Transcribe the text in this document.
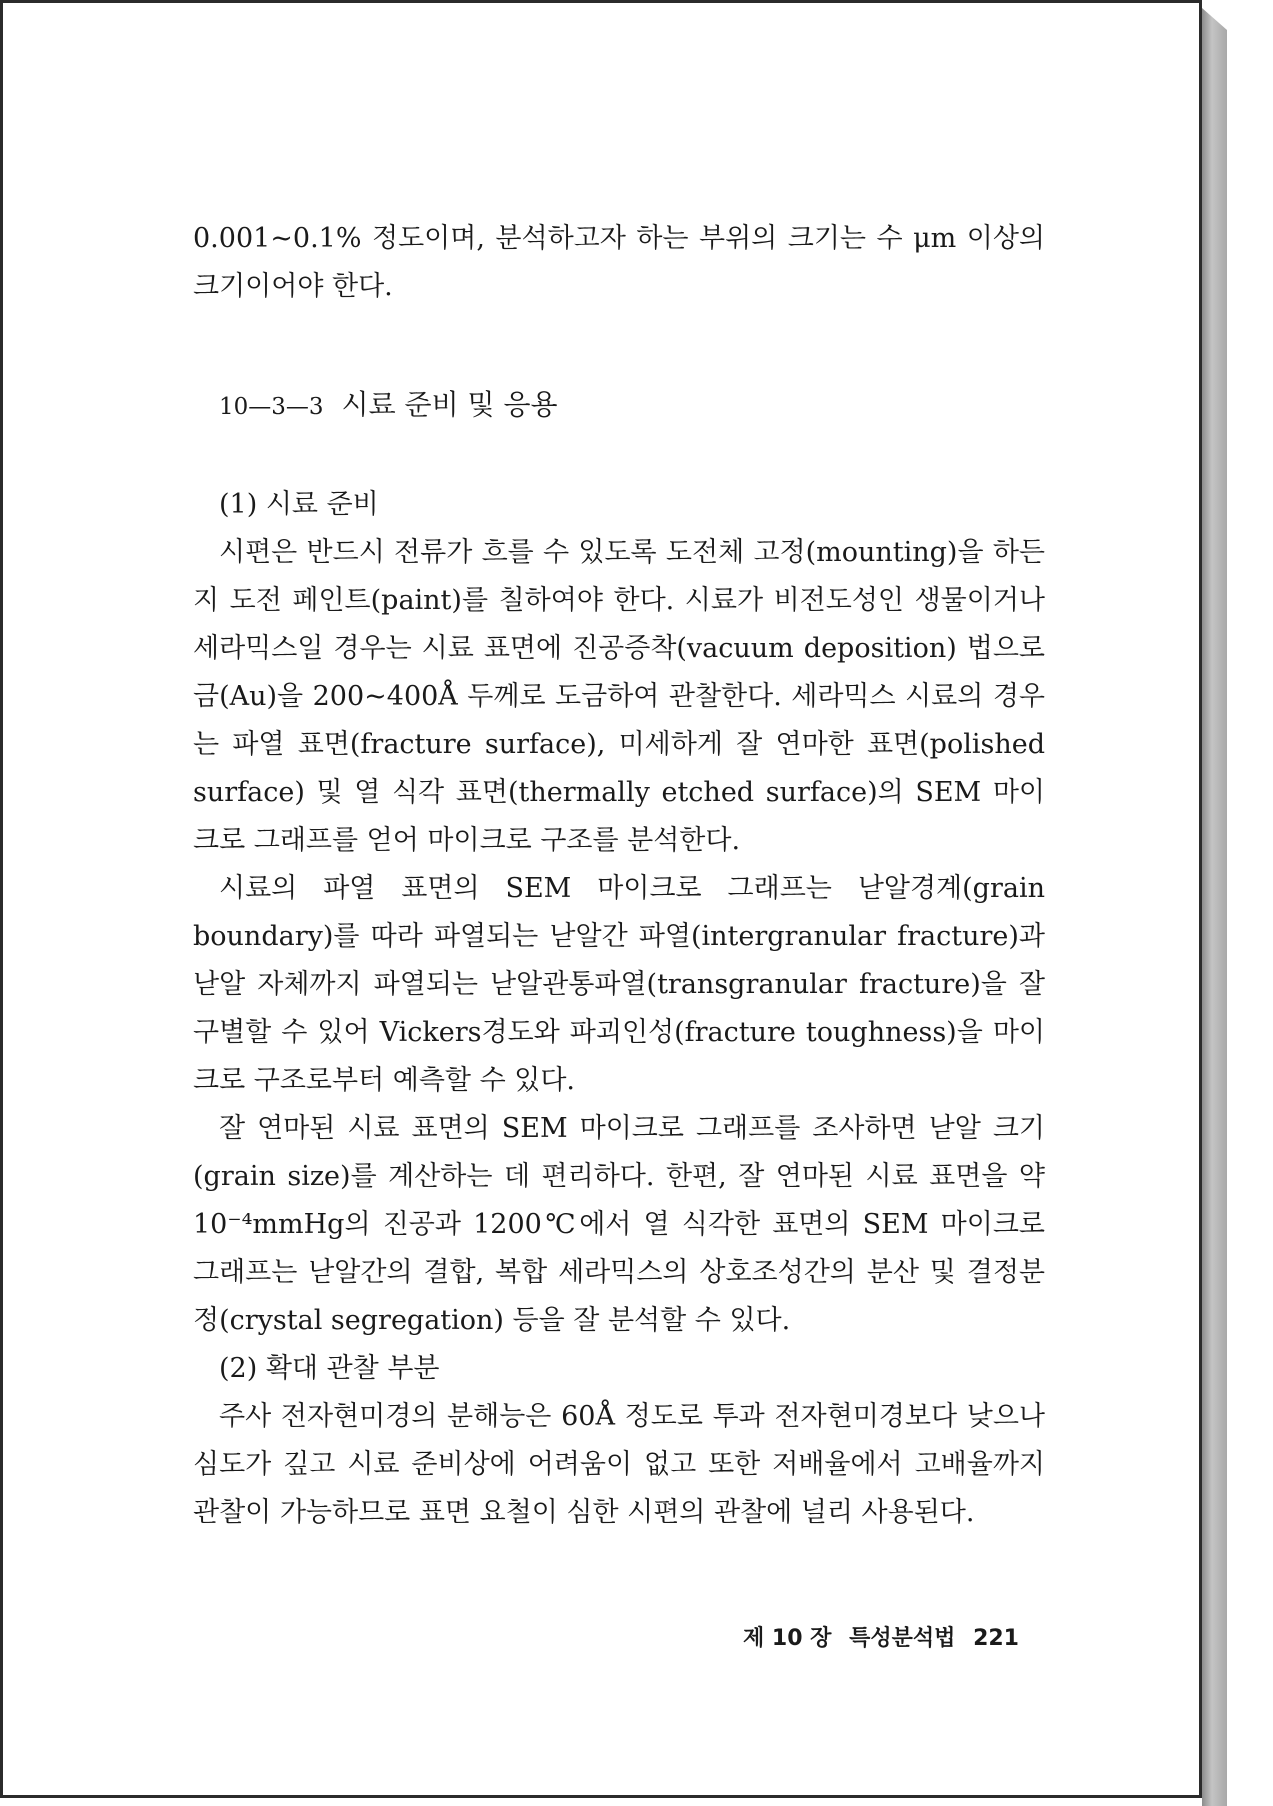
0.001~0.1% 정도이며, 분석하고자 하는 부위의 크기는 수 μm 이상의 크기이어야 한다.

10—3—3 시료 준비 및 응용
(1) 시료 준비

시편은 반드시 전류가 흐를 수 있도록 도전체 고정(mounting)을 하든지 도전 페인트(paint)를 칠하여야 한다. 시료가 비전도성인 생물이거나 세라믹스일 경우는 시료 표면에 진공증착(vacuum deposition) 법으로 금(Au)을 200~400Å 두께로 도금하여 관찰한다. 세라믹스 시료의 경우는 파열 표면(fracture surface), 미세하게 잘 연마한 표면(polished surface) 및 열 식각 표면(thermally etched surface)의 SEM 마이크로 그래프를 얻어 마이크로 구조를 분석한다.

시료의 파열 표면의 SEM 마이크로 그래프는 낟알경계(grain boundary)를 따라 파열되는 낟알간 파열(intergranular fracture)과 낟알 자체까지 파열되는 낟알관통파열(transgranular fracture)을 잘 구별할 수 있어 Vickers경도와 파괴인성(fracture toughness)을 마이크로 구조로부터 예측할 수 있다.

잘 연마된 시료 표면의 SEM 마이크로 그래프를 조사하면 낟알 크기(grain size)를 계산하는 데 편리하다. 한편, 잘 연마된 시료 표면을 약 10⁻⁴mmHg의 진공과 1200℃에서 열 식각한 표면의 SEM 마이크로 그래프는 낟알간의 결합, 복합 세라믹스의 상호조성간의 분산 및 결정분정(crystal segregation) 등을 잘 분석할 수 있다.

(2) 확대 관찰 부분

주사 전자현미경의 분해능은 60Å 정도로 투과 전자현미경보다 낮으나 심도가 깊고 시료 준비상에 어려움이 없고 또한 저배율에서 고배율까지 관찰이 가능하므로 표면 요철이 심한 시편의 관찰에 널리 사용된다.

제 10 장 특성분석법 221
